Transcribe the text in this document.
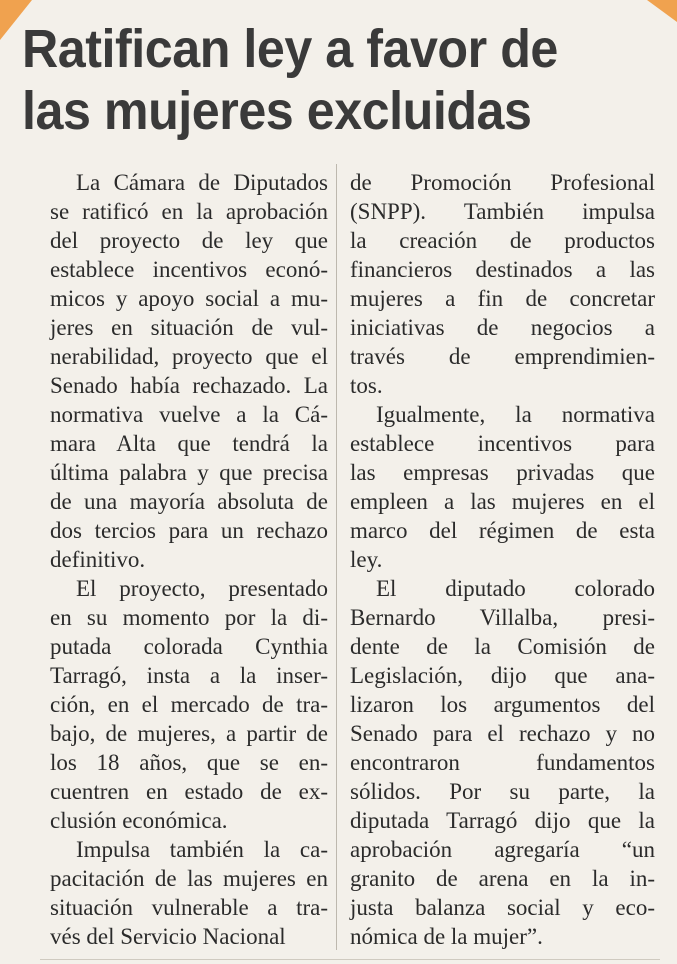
Ratifican ley a favor de
las mujeres excluidas

La Cámara de Diputados
se ratificó en la aprobación
del proyecto de ley que
establece incentivos econó-
micos y apoyo social a mu-
jeres en situación de vul-
nerabilidad, proyecto que el
Senado había rechazado. La
normativa vuelve a la Cá-
mara Alta que tendrá la
última palabra y que precisa
de una mayoría absoluta de
dos tercios para un rechazo
definitivo.

El proyecto, presentado
en su momento por la di-
putada colorada Cynthia
Tarragó, insta a la inser-
ción, en el mercado de tra-
bajo, de mujeres, a partir de
los 18 años, que se en-
cuentren en estado de ex-
clusión económica.

Impulsa también la ca-
pacitación de las mujeres en
situación vulnerable a tra-
vés del Servicio Nacional

de Promoción Profesional
(SNPP). También impulsa
la creación de productos
financieros destinados a las
mujeres a fin de concretar
iniciativas de negocios a
través de emprendimien-
tos.

Igualmente, la normativa
establece incentivos para
las empresas privadas que
empleen a las mujeres en el
marco del régimen de esta
ley.

El diputado colorado
Bernardo Villalba, presi-
dente de la Comisión de
Legislación, dijo que ana-
lizaron los argumentos del
Senado para el rechazo y no
encontraron fundamentos
sólidos. Por su parte, la
diputada Tarragó dijo que la
aprobación agregaría “un
granito de arena en la in-
justa balanza social y eco-
nómica de la mujer”.
